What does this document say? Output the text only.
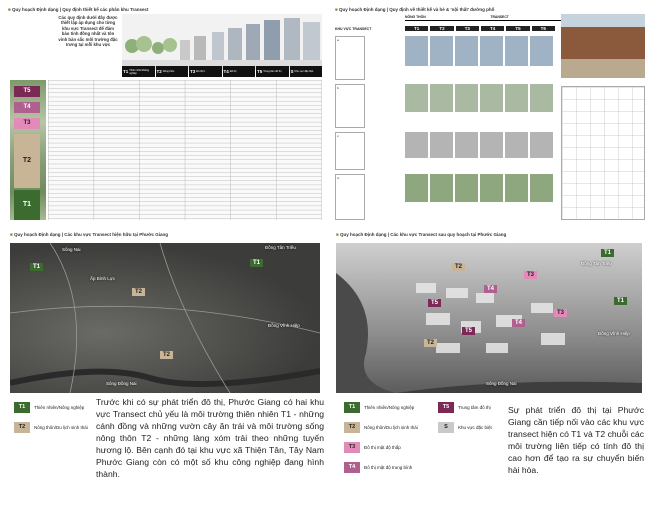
■ Quy hoạch Định dạng | Quy định thiết kế các phân khu Transect
Các quy định dưới đây được thiết lập áp dụng cho từng khu vực Transect để đảm bảo tính đồng nhất và tôn vinh bản sắc môi trường đặc trưng tại mỗi khu vực
T1 Thiên nhiên/Nông nghiệp	T2 Nông thôn	T3 Đô thị ít	T4 Đô thị	T5 Trung tâm đô thị S Khu vực đặc biệt
T5
T4
T3
T2
T1
■ Quy hoạch Định dạng | Quy định về thiết kế và hè & 'nội thất' đường phố
NÔNG THÔN	TRANSECT
KHU VỰC TRANSECT	T1	T2	T3	T4	T5	T6
a.
b.
c.
d.
■ Quy hoạch Định dạng | Các khu vực Transect hiện hữu tại Phước Giang
Sông Nai
Ấp Bình Lực
Đồng Tân Triều
Đồng Vĩnh Hiệp
Sông Đồng Nai
T1
T2
T1
T2
■ Quy hoạch Định dạng | Các khu vực Transect sau quy hoạch tại Phước Giang
T2
T3
T4
T5
T5
T4
T3
T2
T1
T1
Đồng Tân Triều
Đồng Vĩnh Hiệp
Sông Đồng Nai
T1	Thiên nhiên/Nông nghiệp
T2	Nông thôn/Du lịch sinh thái
Trước khi có sự phát triển đô thị, Phước Giang có hai khu vực Transect chủ yếu là môi trường thiên nhiên T1 - những cánh đồng và những vườn cây ăn trái và môi trường sống nông thôn T2 - những làng xóm trải theo những tuyến hương lộ. Bên cạnh đó tại khu vực xã Thiện Tân, Tây Nam Phước Giang còn có một số khu công nghiệp đang hình thành.
T1	Thiên nhiên/Nông nghiệp
T2	Nông thôn/Du lịch sinh thái
T3	Đô thị mật độ thấp
T4	Đô thị mật độ trung bình
T5	Trung tâm đô thị
S	Khu vực đặc biệt
Sự phát triển đô thị tại Phước Giang cần tiếp nối vào các khu vực transect hiện có T1 và T2 chuỗi các môi trường liên tiếp có tính đô thị cao hơn để tạo ra sự chuyển biến hài hòa.
